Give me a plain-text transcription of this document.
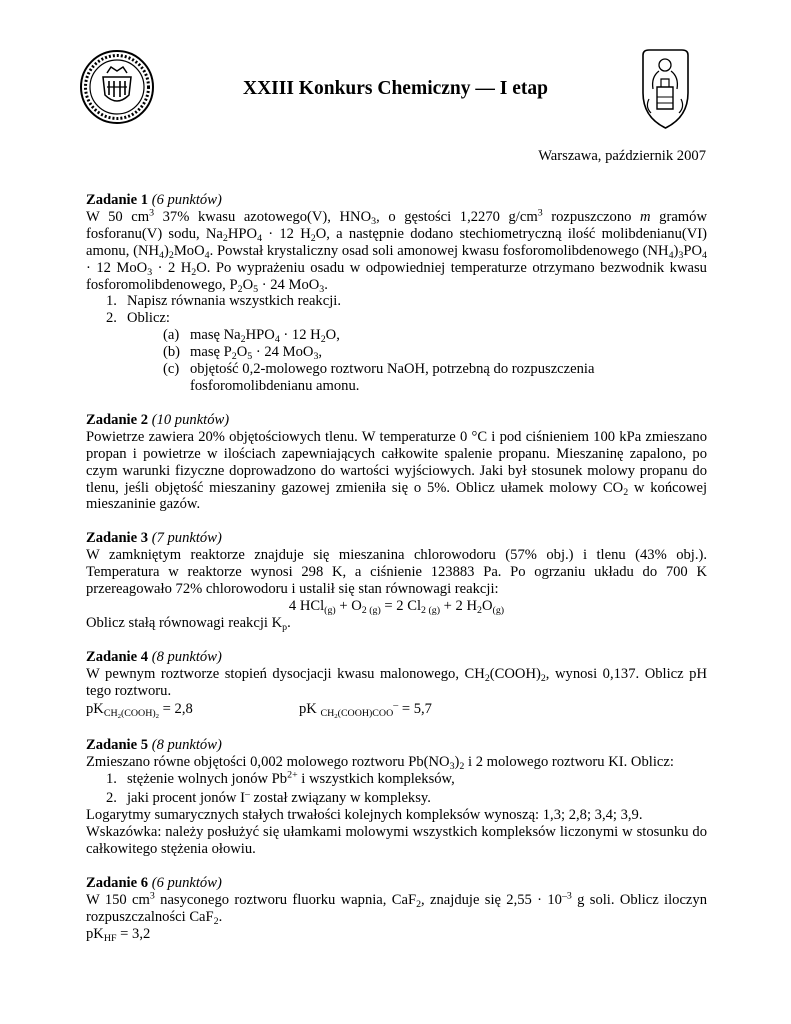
XXIII Konkurs Chemiczny — I etap
Warszawa, październik 2007
Zadanie 1 (6 punktów)

W 50 $cm^3$ 37% kwasu azotowego(V), $HNO_3$, o gęstości 1,2270 $g/cm^3$ rozpuszczono m gramów fosforanu(V) sodu, $Na_2HPO_4 \cdot 12$ $H_2O$, a następnie dodano stechiometryczną ilość molibdenianu(VI) amonu, $(NH_4)_2MoO_4$. Powstał krystaliczny osad soli amonowej kwasu fosforomolibdenowego $(NH_4)_3PO_4 \cdot 12$ MoO$_3$ · 2 $H_2O$. Po wyprażeniu osadu w odpowiedniej temperaturze otrzymano bezwodnik kwasu fosforomolibdenowego, $P_2O_5 \cdot 24$ MoO$_3$.

1. Napisz równania wszystkich reakcji.
2. Oblicz:
(a) masę $Na_2HPO_4 \cdot 12$ $H_2O$,
(b) masę $P_2O_5 \cdot 24$ MoO$_3$,
(c) objętość 0,2-molowego roztworu NaOH, potrzebną do rozpuszczenia fosforomolibdenianu amonu.
Zadanie 2 (10 punktów)

Powietrze zawiera 20% objętościowych tlenu. W temperaturze 0 °C i pod ciśnieniem 100 kPa zmieszano propan i powietrze w ilościach zapewniających całkowite spalenie propanu. Mieszaninę zapalono, po czym warunki fizyczne doprowadzono do wartości wyjściowych. Jaki był stosunek molowy propanu do tlenu, jeśli objętość mieszaniny gazowej zmieniła się o 5%. Oblicz ułamek molowy $CO_2$ w końcowej mieszaninie gazów.

Zadanie 3 (7 punktów)

W zamkniętym reaktorze znajduje się mieszanina chlorowodoru (57% obj.) i tlenu (43% obj.). Temperatura w reaktorze wynosi 298 K, a ciśnienie 123883 Pa. Po ogrzaniu układu do 700 K przereagowało 72% chlorowodoru i ustalił się stan równowagi reakcji:

4 $HCl_{(g)} + O_{2 (g)} = 2$ $Cl_{2 (g)} + 2$ $H_2O_{(g)}$

Oblicz stałą równowagi reakcji $K_p$.

Zadanie 4 (8 punktów)

W pewnym roztworze stopień dysocjacji kwasu malonowego, $CH_2(COOH)_2$, wynosi 0,137. Oblicz pH tego roztworu.

$pK_{CH_2(COOH)_2} = 2,8$	pK $_{CH_2(COOH)COO}$– = 5,7
Zadanie 5 (8 punktów)

Zmieszano równe objętości 0,002 molowego roztworu $Pb(NO_3)_2$ i 2 molowego roztworu KI. Oblicz:

1. stężenie wolnych jonów $Pb^{2+}$ i wszystkich kompleksów,
2. jaki procent jonów I– został związany w kompleksy.

Logarytmy sumarycznych stałych trwałości kolejnych kompleksów wynoszą: 1,3; 2,8; 3,4; 3,9.

Wskazówka: należy posłużyć się ułamkami molowymi wszystkich kompleksów liczonymi w stosunku do całkowitego stężenia ołowiu.

Zadanie 6 (6 punktów)

W 150 $cm^3$ nasyconego roztworu fluorku wapnia, CaF$_2$, znajduje się $2,55 \cdot 10^{-3}$ g soli. Oblicz iloczyn rozpuszczalności CaF$_2$.

$pK_{HF} = 3,2$
